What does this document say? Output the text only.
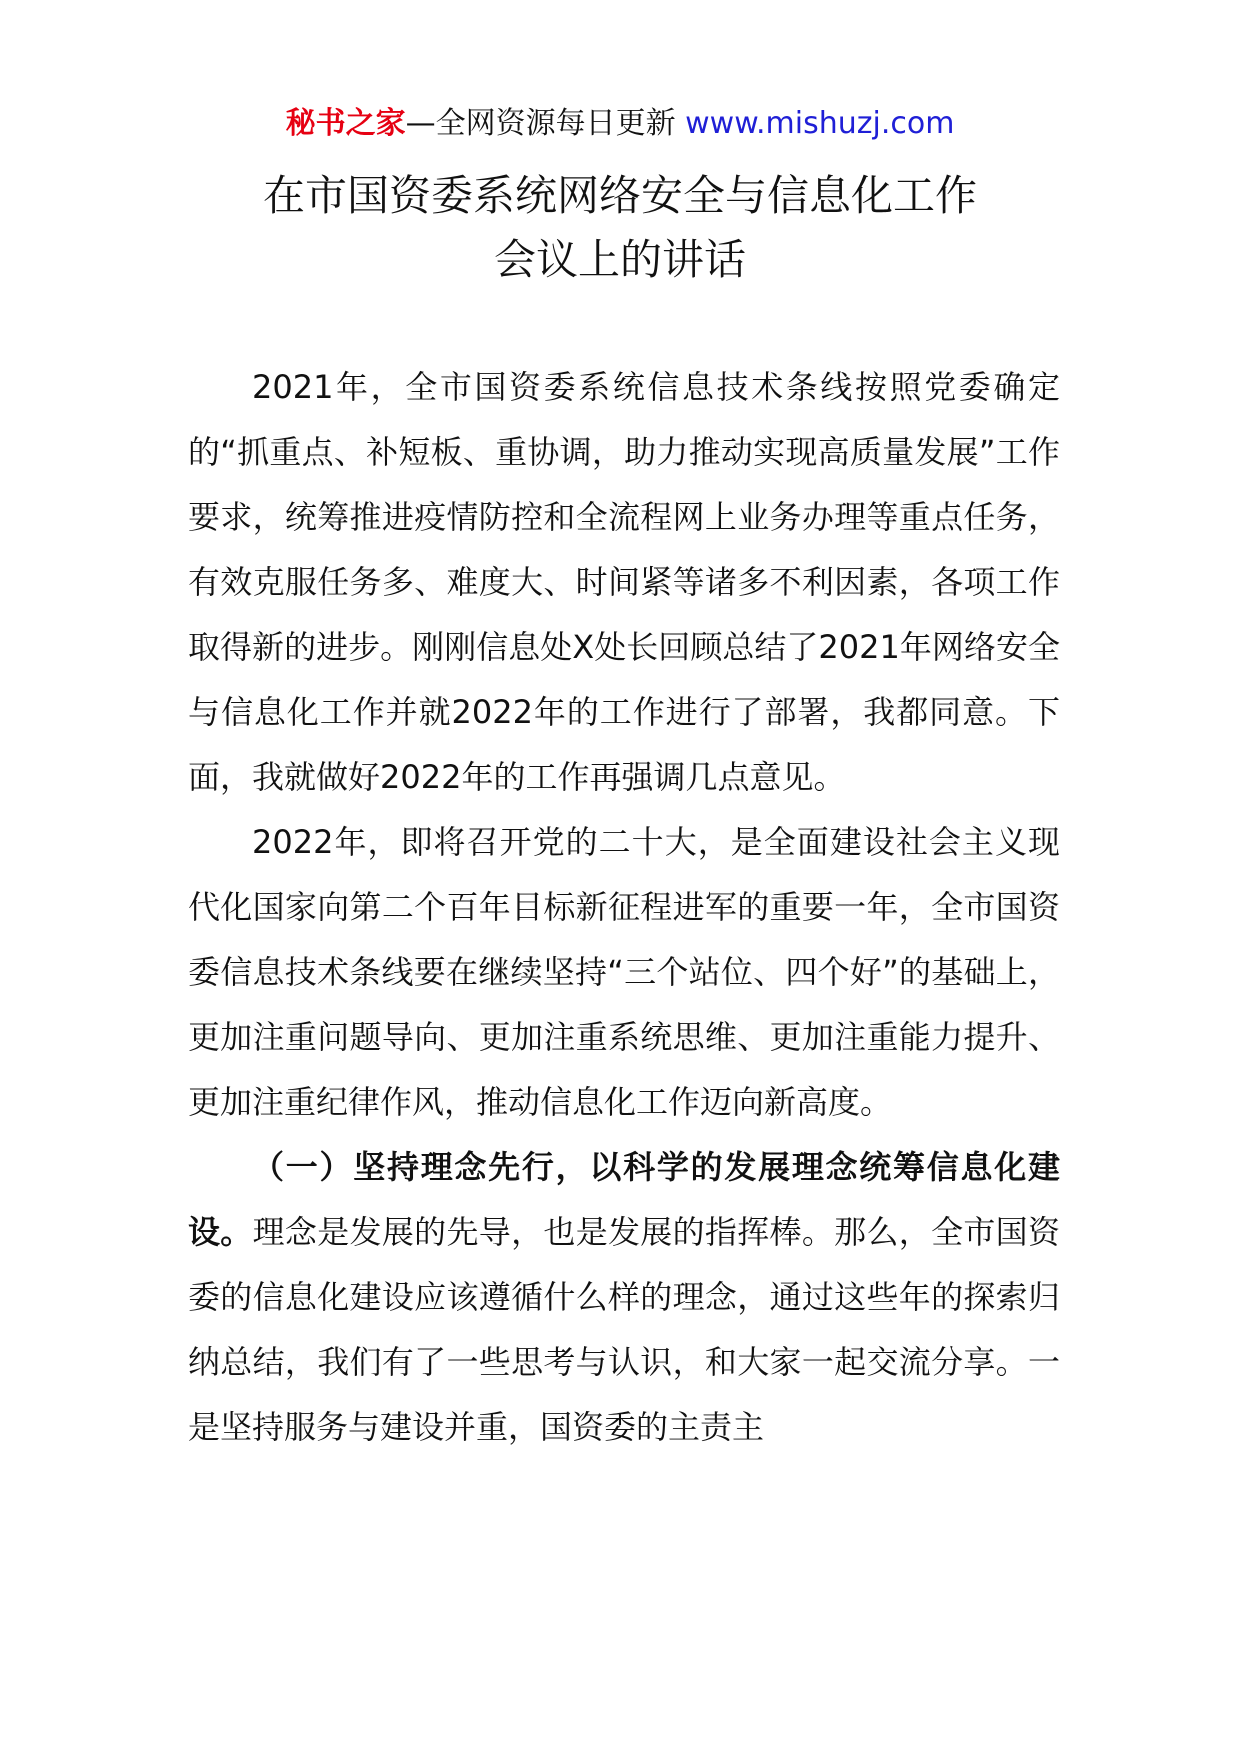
秘书之家—全网资源每日更新 www.mishuzj.com
在市国资委系统网络安全与信息化工作
会议上的讲话

2021年，全市国资委系统信息技术条线按照党委确定的“抓重点、补短板、重协调，助力推动实现高质量发展”工作要求，统筹推进疫情防控和全流程网上业务办理等重点任务，有效克服任务多、难度大、时间紧等诸多不利因素，各项工作取得新的进步。刚刚信息处X处长回顾总结了2021年网络安全与信息化工作并就2022年的工作进行了部署，我都同意。下面，我就做好2022年的工作再强调几点意见。

2022年，即将召开党的二十大，是全面建设社会主义现代化国家向第二个百年目标新征程进军的重要一年，全市国资委信息技术条线要在继续坚持“三个站位、四个好”的基础上，更加注重问题导向、更加注重系统思维、更加注重能力提升、更加注重纪律作风，推动信息化工作迈向新高度。

（一）坚持理念先行，以科学的发展理念统筹信息化建设。理念是发展的先导，也是发展的指挥棒。那么，全市国资委的信息化建设应该遵循什么样的理念，通过这些年的探索归纳总结，我们有了一些思考与认识，和大家一起交流分享。一是坚持服务与建设并重，国资委的主责主
